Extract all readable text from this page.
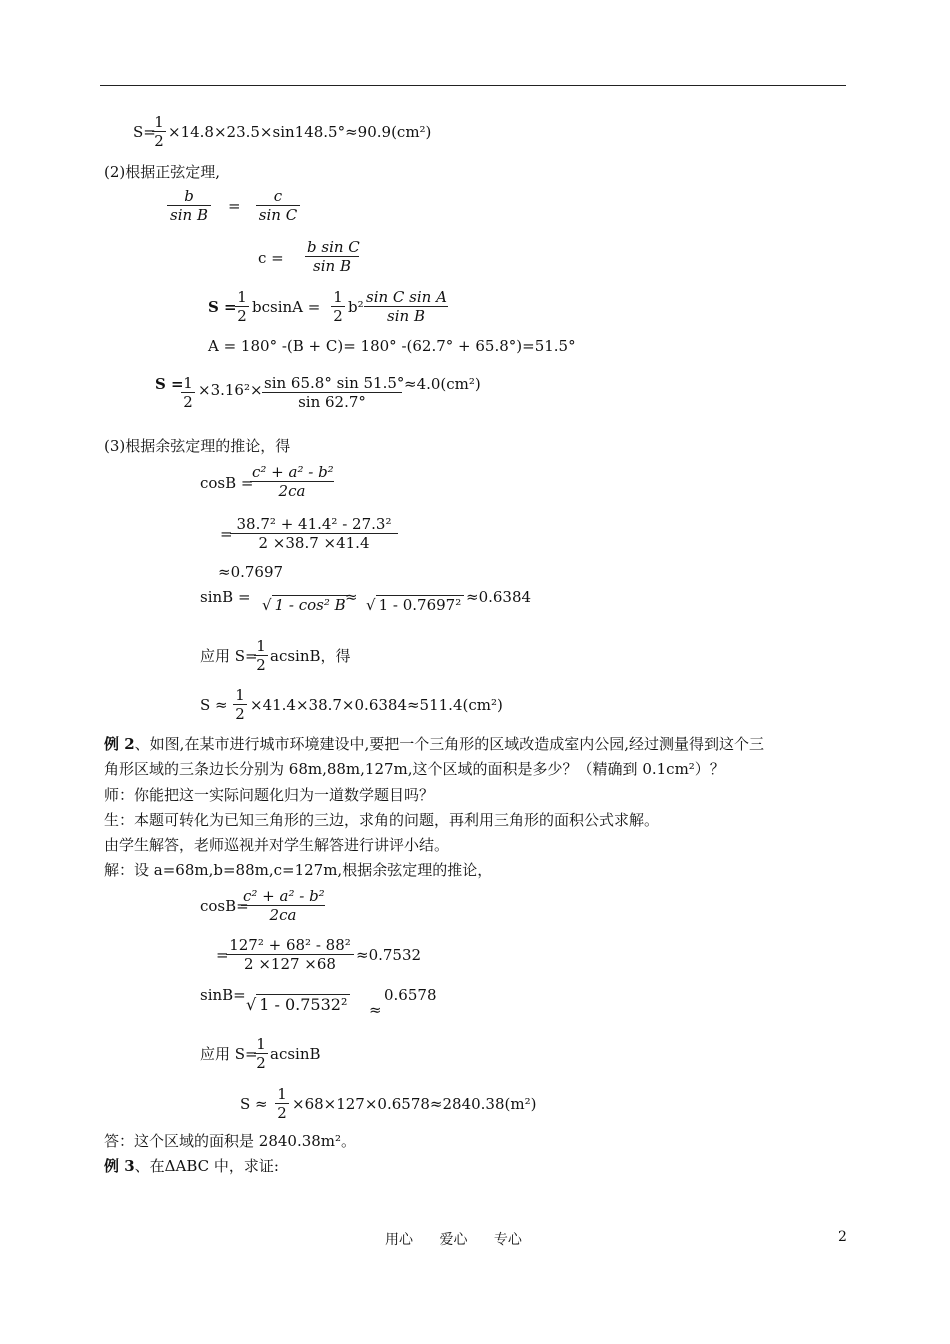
S=
$\frac{1}{2} \times 14.8\times 23.5\times\sin 148.5^\circ\approx 90.9(cm^2)$
(2)根据正弦定理,
$\frac{b}{\text{sin B}} = \frac{c}{\text{sin C}}$
$c = \frac{\text{b sin C}}{\text{sin B}}$
S =
$\frac{1}{2}$ $bcsinA = \frac{1}{2} b^2 \frac{\text{sin C sin A}}{\text{sin B}}$
A = 180° -(B + C)= 180° -(62.7° + 65.8°)=51.5°
S =
$\frac{1}{2} \times 3.16^2\times \frac{\sin 65.8^\circ \sin 51.5^\circ}{\sin 62.7^\circ} \approx 4.0(cm^2)$
(3)根据余弦定理的推论，得
cosB =
$\frac{\text{c² + a² - b²}}{2ca}$
=
$\frac{\text{38.7² + 41.4² - 27.3²}}{2 \times 38.7 \times 41.4}$
≈0.7697
sinB = √ 1 - cos² B ≈ √ 1 - 0.7697² ≈0.6384
应用 S=
$\frac{1}{2}$ acsinB，得
$S \approx \frac{1}{2} \times 41.4\times 38.7\times 0.6384\approx 511.4(cm^2)$
例 2、如图,在某市进行城市环境建设中,要把一个三角形的区域改造成室内公园,经过测量得到这个三
角形区域的三条边长分别为 68m,88m,127m,这个区域的面积是多少？（精确到 0.1cm²）？
师：你能把这一实际问题化归为一道数学题目吗？
生：本题可转化为已知三角形的三边，求角的问题，再利用三角形的面积公式求解。
由学生解答，老师巡视并对学生解答进行讲评小结。
解：设 a=68m,b=88m,c=127m,根据余弦定理的推论，
cosB=
$\frac{\text{c² + a² - b²}}{2ca}$
=
$\frac{\text{127² + 68² - 88²}}{2 \times 127 \times 68} \approx 0.7532$
sinB= √ 1 - 0.7532² ≈
0.6578
应用 S=
$\frac{1}{2}$ acsinB
$S \approx \frac{1}{2} \times 68\times 127\times 0.6578\approx 2840.38(m^2)$
答：这个区域的面积是 2840.38m²。
例 3、在ΔABC 中，求证:
用心 爱心 专心	2
